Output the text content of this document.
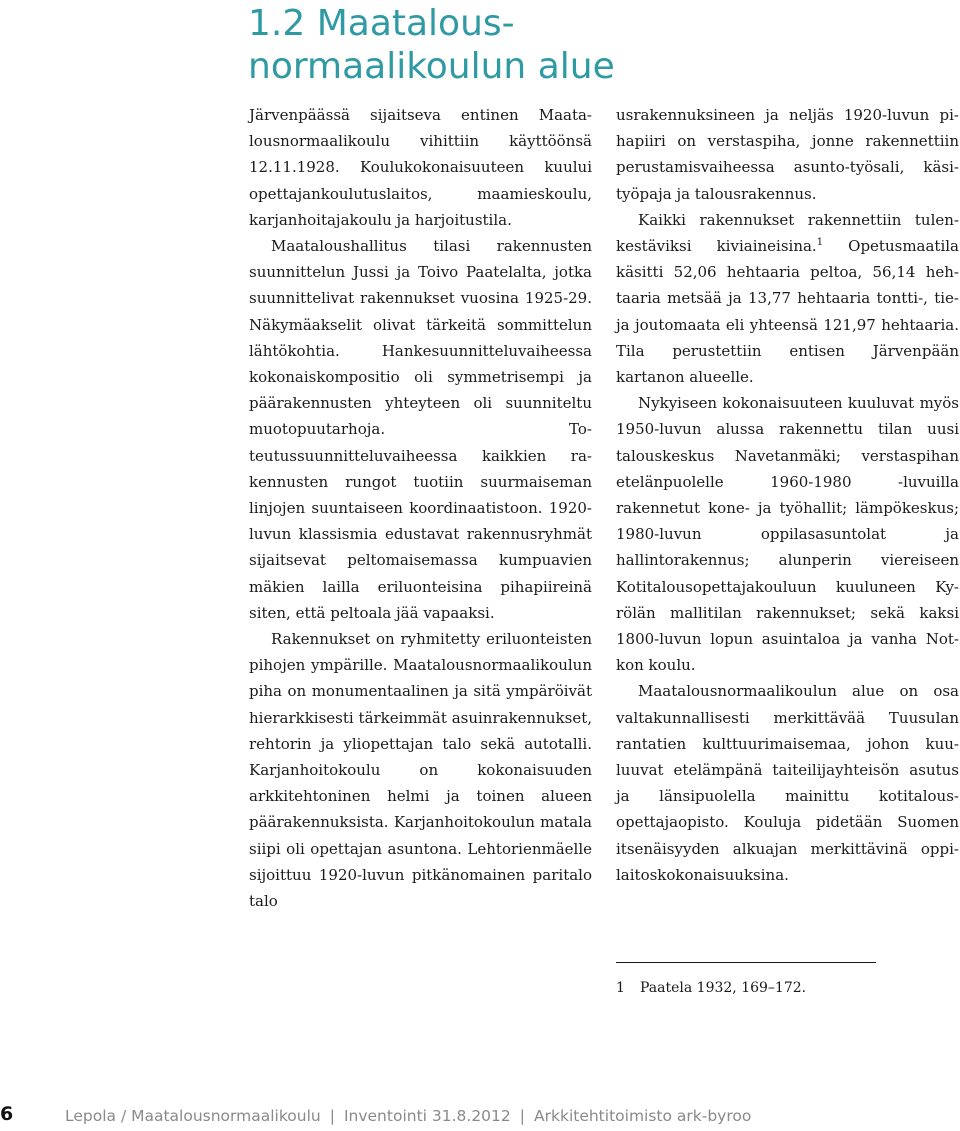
1.2 Maatalous-
normaalikoulun alue

Järvenpäässä sijaitseva entinen Maatalousnormaalikoulu vihittiin käyttöönsä 12.11.1928. Koulukokonaisuuteen kuului opettajankoulutuslaitos, maamieskoulu, karjanhoitajakoulu ja harjoitustila.

Maataloushallitus tilasi rakennusten suunnittelun Jussi ja Toivo Paatelalta, jotka suunnittelivat rakennukset vuosina 1925-29. Näkymäakselit olivat tärkeitä sommittelun lähtökohtia. Hankesuunnitteluvaiheessa kokonaiskompositio oli symmetrisempi ja päärakennusten yhteyteen oli suunniteltu muotopuutarhoja. Toteutussuunnitteluvaiheessa kaikkien rakennusten rungot tuotiin suurmaiseman linjojen suuntaiseen koordinaatistoon. 1920-luvun klassismia edustavat rakennusryhmät sijaitsevat peltomaisemassa kumpuavien mäkien lailla eriluonteisina pihapiireinä siten, että peltoala jää vapaaksi.

Rakennukset on ryhmitetty eriluonteisten pihojen ympärille. Maatalousnormaalikoulun piha on monumentaalinen ja sitä ympäröivät hierarkkisesti tärkeimmät asuinrakennukset, rehtorin ja yliopettajan talo sekä autotalli. Karjanhoitokoulu on kokonaisuuden arkkitehtoninen helmi ja toinen alueen päärakennuksista. Karjanhoitokoulun matala siipi oli opettajan asuntona. Lehtorienmäelle sijoittuu 1920-luvun pitkänomainen paritalo talo

usrakennuksineen ja neljäs 1920-luvun pihapiiri on verstaspiha, jonne rakennettiin perustamisvaiheessa asunto-työsali, käsityöpaja ja talousrakennus.

Kaikki rakennukset rakennettiin tulenkestäviksi kiviaineisina.$^1$ Opetusmaatila käsitti 52,06 hehtaaria peltoa, 56,14 hehtaaria metsää ja 13,77 hehtaaria tontti-, tie- ja joutomaata eli yhteensä 121,97 hehtaaria. Tila perustettiin entisen Järvenpään kartanon alueelle.

Nykyiseen kokonaisuuteen kuuluvat myös 1950-luvun alussa rakennettu tilan uusi talouskeskus Navetanmäki; verstaspihan etelänpuolelle 1960-1980 -luvuilla rakennetut kone- ja työhallit; lämpökeskus; 1980-luvun oppilasasuntolat ja hallintorakennus; alunperin viereiseen Kotitalousopettajakouluun kuuluneen Kyrölän mallitilan rakennukset; sekä kaksi 1800-luvun lopun asuintaloa ja vanha Notkon koulu.

Maatalousnormaalikoulun alue on osa valtakunnallisesti merkittävää Tuusulan rantatien kulttuurimaisemaa, johon kuuluuvat etelämpänä taiteilijayhteisön asutus ja länsipuolella mainittu kotitalousopettajaopisto. Kouluja pidetään Suomen itsenäisyyden alkuajan merkittävinä oppilaitoskokonaisuuksina.

1 Paatela 1932, 169–172.
6	Lepola / Maatalousnormaalikoulu | Inventointi 31.8.2012 | Arkkitehtitoimisto ark-byroo
